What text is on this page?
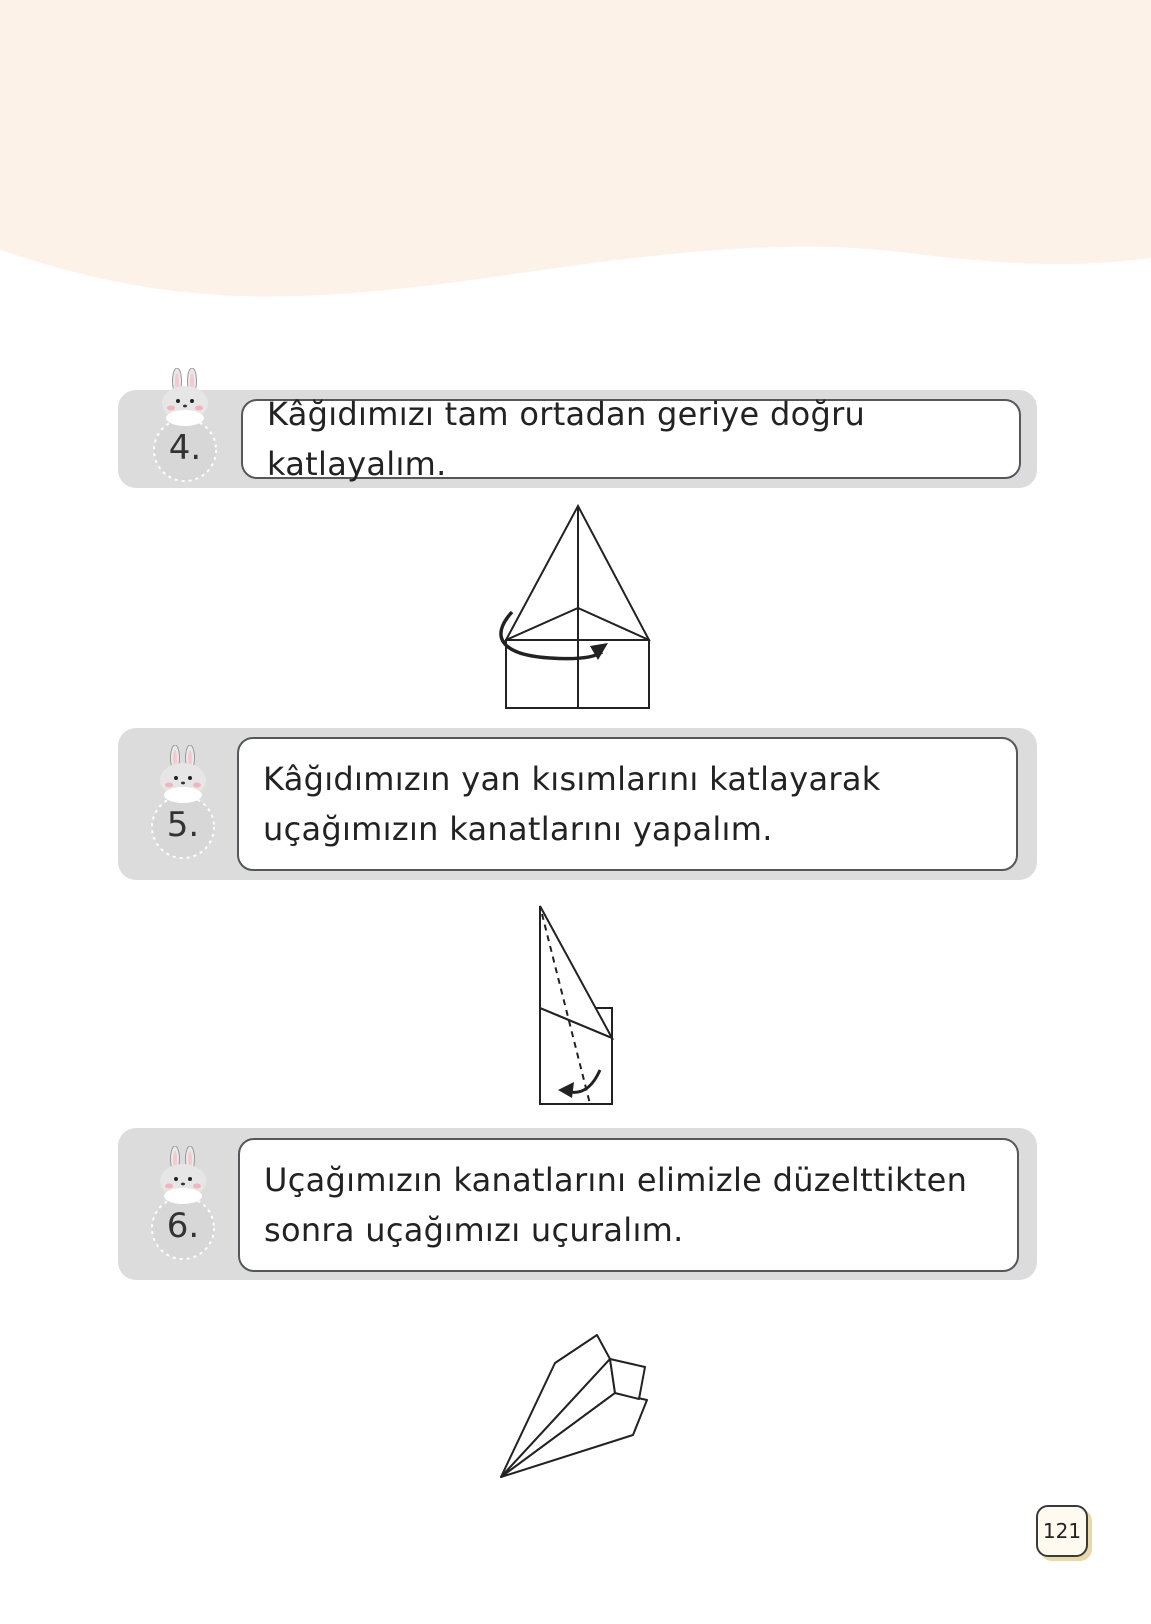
4.
Kâğıdımızı tam ortadan geriye doğru katlayalım.
5.
Kâğıdımızın yan kısımlarını katlayarak uçağımızın kanatlarını yapalım.
6.
Uçağımızın kanatlarını elimizle düzelttikten sonra uçağımızı uçuralım.
121
